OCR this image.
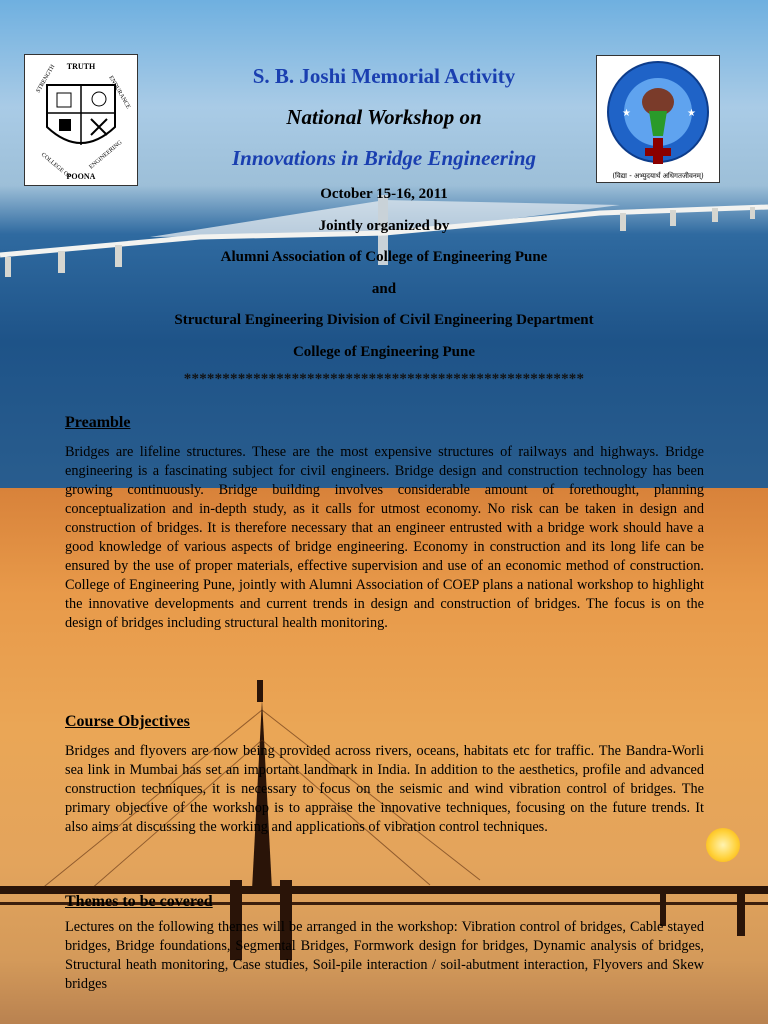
TRUTH
STRENGTH	ENDURANCE
COLLEGE OF	ENGINEERING
POONA
★	★
(विद्या - अभ्युदयार्थं अधिगतजीवनम्)
S. B. Joshi Memorial Activity
National Workshop on
Innovations in Bridge Engineering
October 15-16, 2011
Jointly organized by
Alumni Association of College of Engineering Pune
and
Structural Engineering Division of Civil Engineering Department
College of Engineering Pune
****************************************************
Preamble

Bridges are lifeline structures. These are the most expensive structures of railways and highways. Bridge engineering is a fascinating subject for civil engineers. Bridge design and construction technology has been growing continuously. Bridge building involves considerable amount of forethought, planning conceptualization and in-depth study, as it calls for utmost economy. No risk can be taken in design and construction of bridges. It is therefore necessary that an engineer entrusted with a bridge work should have a good knowledge of various aspects of bridge engineering. Economy in construction and its long life can be ensured by the use of proper materials, effective supervision and use of an economic method of construction. College of Engineering Pune, jointly with Alumni Association of COEP plans a national workshop to highlight the innovative developments and current trends in design and construction of bridges. The focus is on the design of bridges including structural health monitoring.

Course Objectives

Bridges and flyovers are now being provided across rivers, oceans, habitats etc for traffic. The Bandra-Worli sea link in Mumbai has set an important landmark in India. In addition to the aesthetics, profile and advanced construction techniques, it is necessary to focus on the seismic and wind vibration control of bridges. The primary objective of the workshop is to appraise the innovative techniques, focusing on the future trends. It also aims at discussing the working and applications of vibration control techniques.

Themes to be covered

Lectures on the following themes will be arranged in the workshop: Vibration control of bridges, Cable stayed bridges, Bridge foundations, Segmental Bridges, Formwork design for bridges, Dynamic analysis of bridges, Structural heath monitoring, Case studies, Soil-pile interaction / soil-abutment interaction, Flyovers and Skew bridges
